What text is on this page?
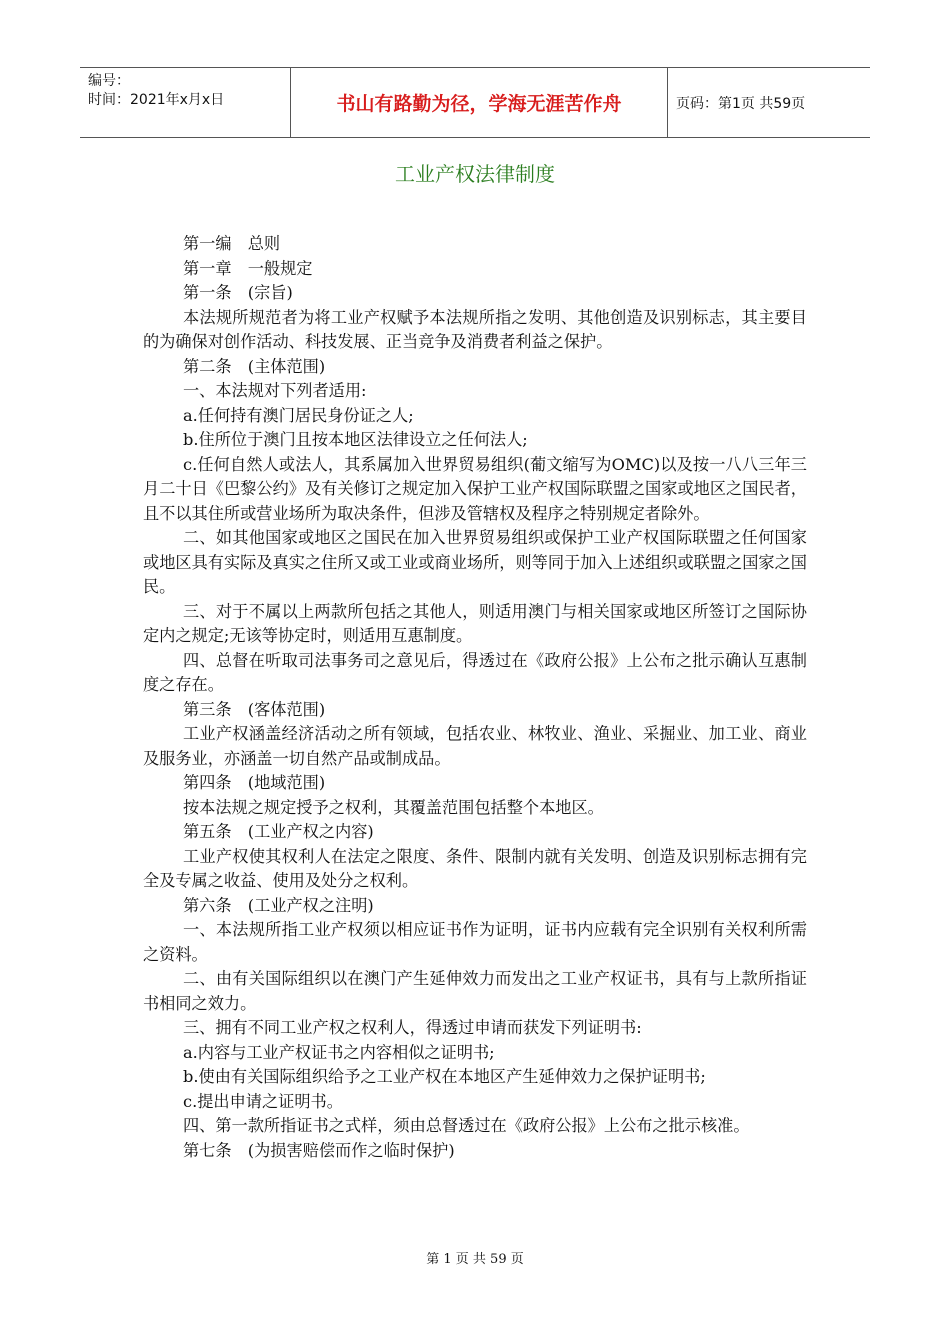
编号：
时间：2021年x月x日	书山有路勤为径，学海无涯苦作舟	页码：第1页 共59页
工业产权法律制度

第一编　总则

第一章　一般规定

第一条　(宗旨)

本法规所规范者为将工业产权赋予本法规所指之发明、其他创造及识别标志，其主要目的为确保对创作活动、科技发展、正当竞争及消费者利益之保护。

第二条　(主体范围)

一、本法规对下列者适用:

a.任何持有澳门居民身份证之人;

b.住所位于澳门且按本地区法律设立之任何法人;

c.任何自然人或法人，其系属加入世界贸易组织(葡文缩写为OMC)以及按一八八三年三月二十日《巴黎公约》及有关修订之规定加入保护工业产权国际联盟之国家或地区之国民者，且不以其住所或营业场所为取决条件，但涉及管辖权及程序之特别规定者除外。

二、如其他国家或地区之国民在加入世界贸易组织或保护工业产权国际联盟之任何国家或地区具有实际及真实之住所又或工业或商业场所，则等同于加入上述组织或联盟之国家之国民。

三、对于不属以上两款所包括之其他人，则适用澳门与相关国家或地区所签订之国际协定内之规定;无该等协定时，则适用互惠制度。

四、总督在听取司法事务司之意见后，得透过在《政府公报》上公布之批示确认互惠制度之存在。

第三条　(客体范围)

工业产权涵盖经济活动之所有领域，包括农业、林牧业、渔业、采掘业、加工业、商业及服务业，亦涵盖一切自然产品或制成品。

第四条　(地域范围)

按本法规之规定授予之权利，其覆盖范围包括整个本地区。

第五条　(工业产权之内容)

工业产权使其权利人在法定之限度、条件、限制内就有关发明、创造及识别标志拥有完全及专属之收益、使用及处分之权利。

第六条　(工业产权之注明)

一、本法规所指工业产权须以相应证书作为证明，证书内应载有完全识别有关权利所需之资料。

二、由有关国际组织以在澳门产生延伸效力而发出之工业产权证书，具有与上款所指证书相同之效力。

三、拥有不同工业产权之权利人，得透过申请而获发下列证明书:

a.内容与工业产权证书之内容相似之证明书;

b.使由有关国际组织给予之工业产权在本地区产生延伸效力之保护证明书;

c.提出申请之证明书。

四、第一款所指证书之式样，须由总督透过在《政府公报》上公布之批示核准。

第七条　(为损害赔偿而作之临时保护)

第 1 页 共 59 页
